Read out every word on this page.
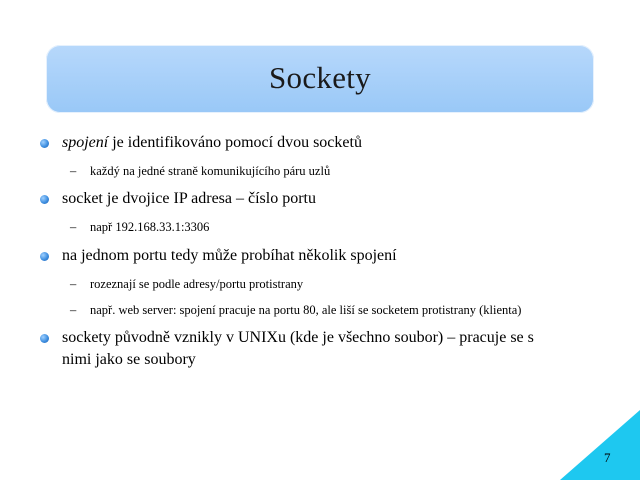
Sockety
spojení je identifikováno pomocí dvou socketů
– každý na jedné straně komunikujícího páru uzlů
socket je dvojice IP adresa – číslo portu
– např 192.168.33.1:3306
na jednom portu tedy může probíhat několik spojení
– rozeznají se podle adresy/portu protistrany
– např. web server: spojení pracuje na portu 80, ale liší se socketem protistrany (klienta)
sockety původně vznikly v UNIXu (kde je všechno soubor) – pracuje se s
nimi jako se soubory
7
